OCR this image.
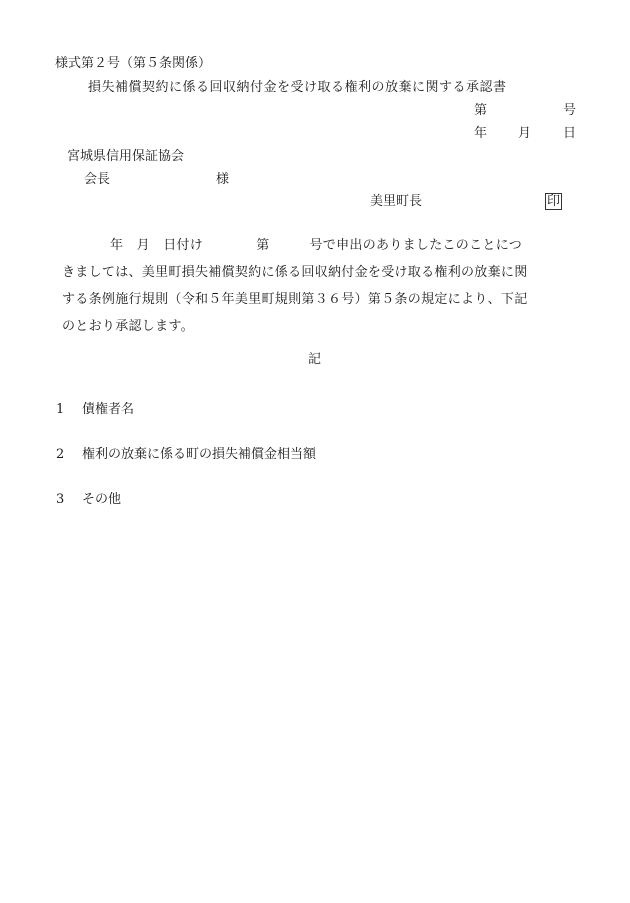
様式第２号（第５条関係）
損失補償契約に係る回収納付金を受け取る権利の放棄に関する承認書
第	号
年 月 日
宮城県信用保証協会
会長	様
美里町長	印
年　月　日付け　　　　第　　　号で申出のありましたこのことにつ
きましては、美里町損失補償契約に係る回収納付金を受け取る権利の放棄に関
する条例施行規則（令和５年美里町規則第３６号）第５条の規定により、下記
のとおり承認します。
記
1 債権者名
2 権利の放棄に係る町の損失補償金相当額
3 その他
